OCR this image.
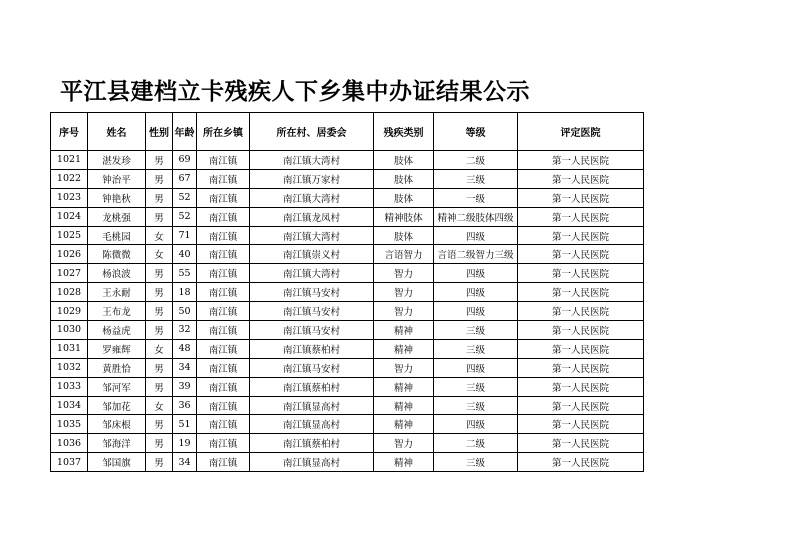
平江县建档立卡残疾人下乡集中办证结果公示
序号	姓名	性别	年龄	所在乡镇	所在村、居委会	残疾类别	等级	评定医院
1021	湛发珍	男	69	南江镇	南江镇大湾村	肢体	二级	第一人民医院
1022	钟治平	男	67	南江镇	南江镇万家村	肢体	三级	第一人民医院
1023	钟艳秋	男	52	南江镇	南江镇大湾村	肢体	一级	第一人民医院
1024	龙桃强	男	52	南江镇	南江镇龙凤村	精神肢体	精神二级肢体四级	第一人民医院
1025	毛桃园	女	71	南江镇	南江镇大湾村	肢体	四级	第一人民医院
1026	陈微微	女	40	南江镇	南江镇崇义村	言语智力	言语二级智力三级	第一人民医院
1027	杨浪波	男	55	南江镇	南江镇大湾村	智力	四级	第一人民医院
1028	王永耐	男	18	南江镇	南江镇马安村	智力	四级	第一人民医院
1029	王布龙	男	50	南江镇	南江镇马安村	智力	四级	第一人民医院
1030	杨益虎	男	32	南江镇	南江镇马安村	精神	三级	第一人民医院
1031	罗雍辉	女	48	南江镇	南江镇蔡柏村	精神	三级	第一人民医院
1032	黄胜恰	男	34	南江镇	南江镇马安村	智力	四级	第一人民医院
1033	邹河军	男	39	南江镇	南江镇蔡柏村	精神	三级	第一人民医院
1034	邹加花	女	36	南江镇	南江镇显高村	精神	三级	第一人民医院
1035	邹床根	男	51	南江镇	南江镇显高村	精神	四级	第一人民医院
1036	邹海洋	男	19	南江镇	南江镇蔡柏村	智力	二级	第一人民医院
1037	邹国旗	男	34	南江镇	南江镇显高村	精神	三级	第一人民医院
